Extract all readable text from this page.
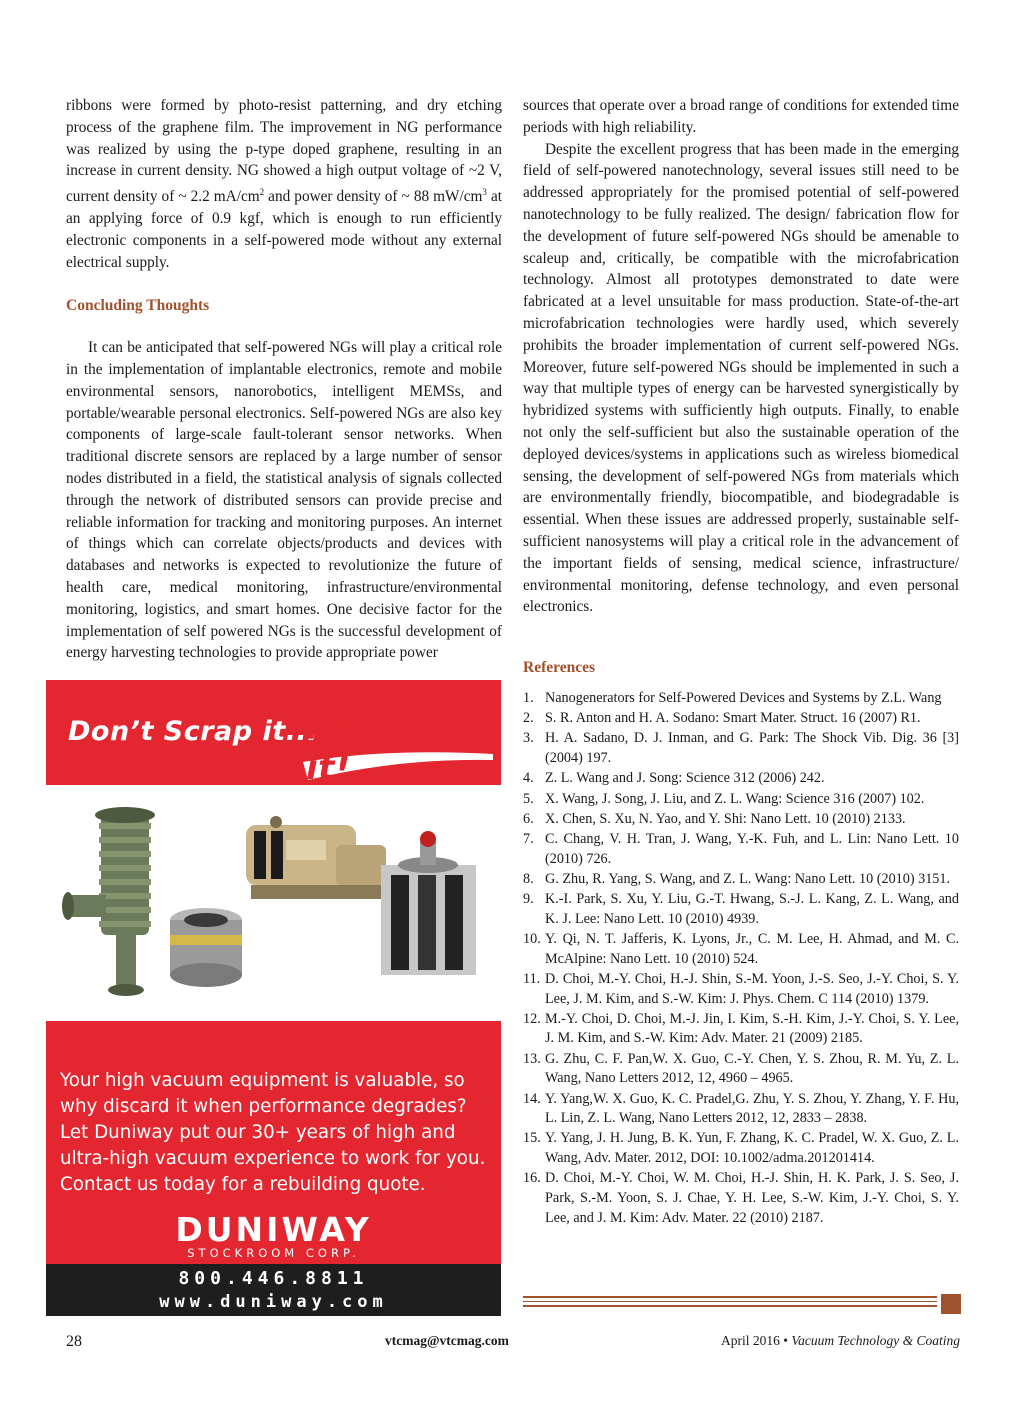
ribbons were formed by photo-resist patterning, and dry etching process of the graphene film. The improvement in NG performance was realized by using the p-type doped graphene, resulting in an increase in current density. NG showed a high output voltage of ~2 V, current density of ~ 2.2 $mA/cm^2$ and power density of ~ 88 $mW/cm^3$ at an applying force of 0.9 kgf, which is enough to run efficiently electronic components in a self-powered mode without any external electrical supply.

Concluding Thoughts

It can be anticipated that self-powered NGs will play a critical role in the implementation of implantable electronics, remote and mobile environmental sensors, nanorobotics, intelligent MEMSs, and portable/wearable personal electronics. Self-powered NGs are also key components of large-scale fault-tolerant sensor networks. When traditional discrete sensors are replaced by a large number of sensor nodes distributed in a field, the statistical analysis of signals collected through the network of distributed sensors can provide precise and reliable information for tracking and monitoring purposes. An internet of things which can correlate objects/products and devices with databases and networks is expected to revolutionize the future of health care, medical monitoring, infrastructure/environmental monitoring, logistics, and smart homes. One decisive factor for the implementation of self powered NGs is the successful development of energy harvesting technologies to provide appropriate power

sources that operate over a broad range of conditions for extended time periods with high reliability.

Despite the excellent progress that has been made in the emerging field of self-powered nanotechnology, several issues still need to be addressed appropriately for the promised potential of self-powered nanotechnology to be fully realized. The design/ fabrication flow for the development of future self-powered NGs should be amenable to scaleup and, critically, be compatible with the microfabrication technology. Almost all prototypes demonstrated to date were fabricated at a level unsuitable for mass production. State-of-the-art microfabrication technologies were hardly used, which severely prohibits the broader implementation of current self-powered NGs. Moreover, future self-powered NGs should be implemented in such a way that multiple types of energy can be harvested synergistically by hybridized systems with sufficiently high outputs. Finally, to enable not only the self-sufficient but also the sustainable operation of the deployed devices/systems in applications such as wireless biomedical sensing, the development of self-powered NGs from materials which are environmentally friendly, biocompatible, and biodegradable is essential. When these issues are addressed properly, sustainable self-sufficient nanosystems will play a critical role in the advancement of the important fields of sensing, medical science, infrastructure/ environmental monitoring, defense technology, and even personal electronics.

References
1. Nanogenerators for Self-Powered Devices and Systems by Z.L. Wang
2. S. R. Anton and H. A. Sodano: Smart Mater. Struct. 16 (2007) R1.
3. H. A. Sadano, D. J. Inman, and G. Park: The Shock Vib. Dig. 36 [3] (2004) 197.
4. Z. L. Wang and J. Song: Science 312 (2006) 242.
5. X. Wang, J. Song, J. Liu, and Z. L. Wang: Science 316 (2007) 102.
6. X. Chen, S. Xu, N. Yao, and Y. Shi: Nano Lett. 10 (2010) 2133.
7. C. Chang, V. H. Tran, J. Wang, Y.-K. Fuh, and L. Lin: Nano Lett. 10 (2010) 726.
8. G. Zhu, R. Yang, S. Wang, and Z. L. Wang: Nano Lett. 10 (2010) 3151.
9. K.-I. Park, S. Xu, Y. Liu, G.-T. Hwang, S.-J. L. Kang, Z. L. Wang, and K. J. Lee: Nano Lett. 10 (2010) 4939.
10. Y. Qi, N. T. Jafferis, K. Lyons, Jr., C. M. Lee, H. Ahmad, and M. C. McAlpine: Nano Lett. 10 (2010) 524.
11. D. Choi, M.-Y. Choi, H.-J. Shin, S.-M. Yoon, J.-S. Seo, J.-Y. Choi, S. Y. Lee, J. M. Kim, and S.-W. Kim: J. Phys. Chem. C 114 (2010) 1379.
12. M.-Y. Choi, D. Choi, M.-J. Jin, I. Kim, S.-H. Kim, J.-Y. Choi, S. Y. Lee, J. M. Kim, and S.-W. Kim: Adv. Mater. 21 (2009) 2185.
13. G. Zhu, C. F. Pan,W. X. Guo, C.-Y. Chen, Y. S. Zhou, R. M. Yu, Z. L. Wang, Nano Letters 2012, 12, 4960 – 4965.
14. Y. Yang,W. X. Guo, K. C. Pradel,G. Zhu, Y. S. Zhou, Y. Zhang, Y. F. Hu, L. Lin, Z. L. Wang, Nano Letters 2012, 12, 2833 – 2838.
15. Y. Yang, J. H. Jung, B. K. Yun, F. Zhang, K. C. Pradel, W. X. Guo, Z. L. Wang, Adv. Mater. 2012, DOI: 10.1002/adma.201201414.
16. D. Choi, M.-Y. Choi, W. M. Choi, H.-J. Shin, H. K. Park, J. S. Seo, J. Park, S.-M. Yoon, S. J. Chae, Y. H. Lee, S.-W. Kim, J.-Y. Choi, S. Y. Lee, and J. M. Kim: Adv. Mater. 22 (2010) 2187.
Don’t Scrap it...
Rebuild it!
Your high vacuum equipment is valuable, so
why discard it when performance degrades?
Let Duniway put our 30+ years of high and
ultra-high vacuum experience to work for you.
Contact us today for a rebuilding quote.
DUNIWAY
STOCKROOM CORP.
800.446.8811
www.duniway.com
28	vtcmag@vtcmag.com	April 2016 • Vacuum Technology & Coating
